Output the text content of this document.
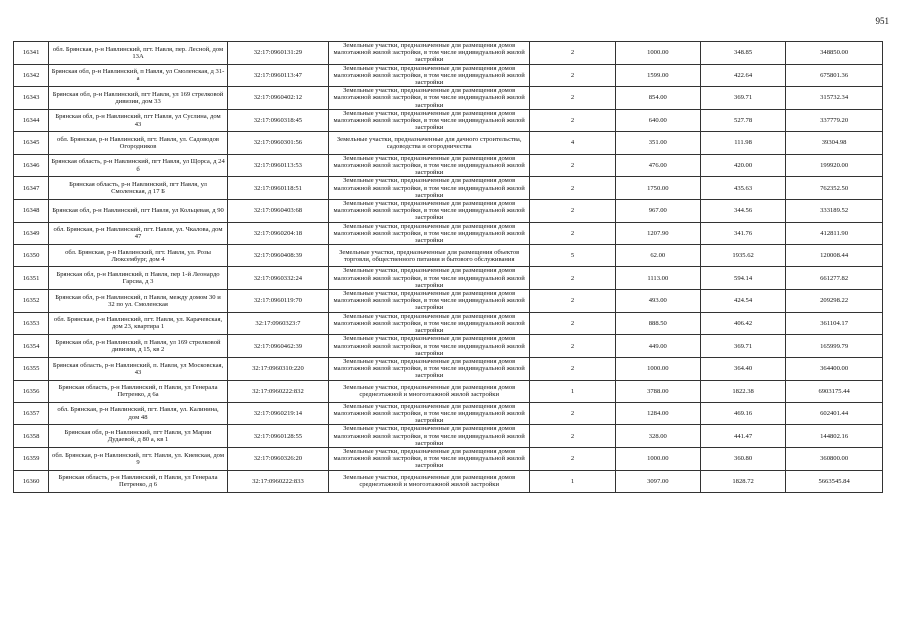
951
16341	обл. Брянская, р-н Навлинский, пгт. Навля, пер. Лесной, дом 13А	32:17:0960131:29	Земельные участки, предназначенные для размещения домов малоэтажной жилой застройки, в том числе индивидуальной жилой застройки	2	1000.00	348.85	348850.00
16342	Брянская обл, р-н Навлинский, п Навля, ул Смоленская, д 31-а	32:17:0960113:47	Земельные участки, предназначенные для размещения домов малоэтажной жилой застройки, в том числе индивидуальной жилой застройки	2	1599.00	422.64	675801.36
16343	Брянская обл, р-н Навлинский, пгт Навля, ул 169 стрелковой дивизии, дом 33	32:17:0960402:12	Земельные участки, предназначенные для размещения домов малоэтажной жилой застройки, в том числе индивидуальной жилой застройки	2	854.00	369.71	315732.34
16344	Брянская обл, р-н Навлинский, пгт Навля, ул Суслина, дом 43	32:17:0960318:45	Земельные участки, предназначенные для размещения домов малоэтажной жилой застройки, в том числе индивидуальной жилой застройки	2	640.00	527.78	337779.20
16345	обл. Брянская, р-н Навлинский, пгт. Навля, ул. Садоводов Огородников	32:17:0960301:56	Земельные участки, предназначенные для дачного строительства, садоводства и огородничества	4	351.00	111.98	39304.98
16346	Брянская область, р-н Навлинский, пгт Навля, ул Щорса, д 24 б	32:17:0960113:53	Земельные участки, предназначенные для размещения домов малоэтажной жилой застройки, в том числе индивидуальной жилой застройки	2	476.00	420.00	199920.00
16347	Брянская область, р-н Навлинский, пгт Навля, ул Смоленская, д 17 Б	32:17:0960118:51	Земельные участки, предназначенные для размещения домов малоэтажной жилой застройки, в том числе индивидуальной жилой застройки	2	1750.00	435.63	762352.50
16348	Брянская обл, р-н Навлинский, пгт Навля, ул Кольцевая, д 90	32:17:0960403:68	Земельные участки, предназначенные для размещения домов малоэтажной жилой застройки, в том числе индивидуальной жилой застройки	2	967.00	344.56	333189.52
16349	обл. Брянская, р-н Навлинский, пгт. Навля, ул. Чкалова, дом 47	32:17:0960204:18	Земельные участки, предназначенные для размещения домов малоэтажной жилой застройки, в том числе индивидуальной жилой застройки	2	1207.90	341.76	412811.90
16350	обл. Брянская, р-н Навлинский, пгт. Навля, ул. Розы Люксембург, дом 4	32:17:0960408:39	Земельные участки, предназначенные для размещения объектов торговли, общественного питания и бытового обслуживания	5	62.00	1935.62	120008.44
16351	Брянская обл, р-н Навлинский, п Навля, пер 1-й Леонардо Гарсиа, д 3	32:17:0960332:24	Земельные участки, предназначенные для размещения домов малоэтажной жилой застройки, в том числе индивидуальной жилой застройки	2	1113.00	594.14	661277.82
16352	Брянская обл, р-н Навлинский, п Навля, между домом 30 и 32 по ул. Смоленская	32:17:0960119:70	Земельные участки, предназначенные для размещения домов малоэтажной жилой застройки, в том числе индивидуальной жилой застройки	2	493.00	424.54	209298.22
16353	обл. Брянская, р-н Навлинский, пгт. Навля, ул. Карачевская, дом 23, квартира 1	32:17:0960323:7	Земельные участки, предназначенные для размещения домов малоэтажной жилой застройки, в том числе индивидуальной жилой застройки	2	888.50	406.42	361104.17
16354	Брянская обл, р-н Навлинский, п Навля, ул 169 стрелковой дивизии, д 15, кв 2	32:17:0960462:39	Земельные участки, предназначенные для размещения домов малоэтажной жилой застройки, в том числе индивидуальной жилой застройки	2	449.00	369.71	165999.79
16355	Брянская область, р-н Навлинский, п. Навля, ул Московская, 43	32:17:0960310:220	Земельные участки, предназначенные для размещения домов малоэтажной жилой застройки, в том числе индивидуальной жилой застройки	2	1000.00	364.40	364400.00
16356	Брянская область, р-н Навлинский, п Навля, ул Генерала Петренко, д 6а	32:17:0960222:832	Земельные участки, предназначенные для размещения домов среднеэтажной и многоэтажной жилой застройки	1	3788.00	1822.38	6903175.44
16357	обл. Брянская, р-н Навлинский, пгт. Навля, ул. Калинина, дом 48	32:17:0960219:14	Земельные участки, предназначенные для размещения домов малоэтажной жилой застройки, в том числе индивидуальной жилой застройки	2	1284.00	469.16	602401.44
16358	Брянская обл, р-н Навлинский, пгт Навля, ул Марии Дудаевой, д 80 а, кв 1	32:17:0960128:55	Земельные участки, предназначенные для размещения домов малоэтажной жилой застройки, в том числе индивидуальной жилой застройки	2	328.00	441.47	144802.16
16359	обл. Брянская, р-н Навлинский, пгт. Навля, ул. Киевская, дом 9	32:17:0960326:20	Земельные участки, предназначенные для размещения домов малоэтажной жилой застройки, в том числе индивидуальной жилой застройки	2	1000.00	360.80	360800.00
16360	Брянская область, р-н Навлинский, п Навля, ул Генерала Петренко, д 6	32:17:0960222:833	Земельные участки, предназначенные для размещения домов среднеэтажной и многоэтажной жилой застройки	1	3097.00	1828.72	5663545.84
